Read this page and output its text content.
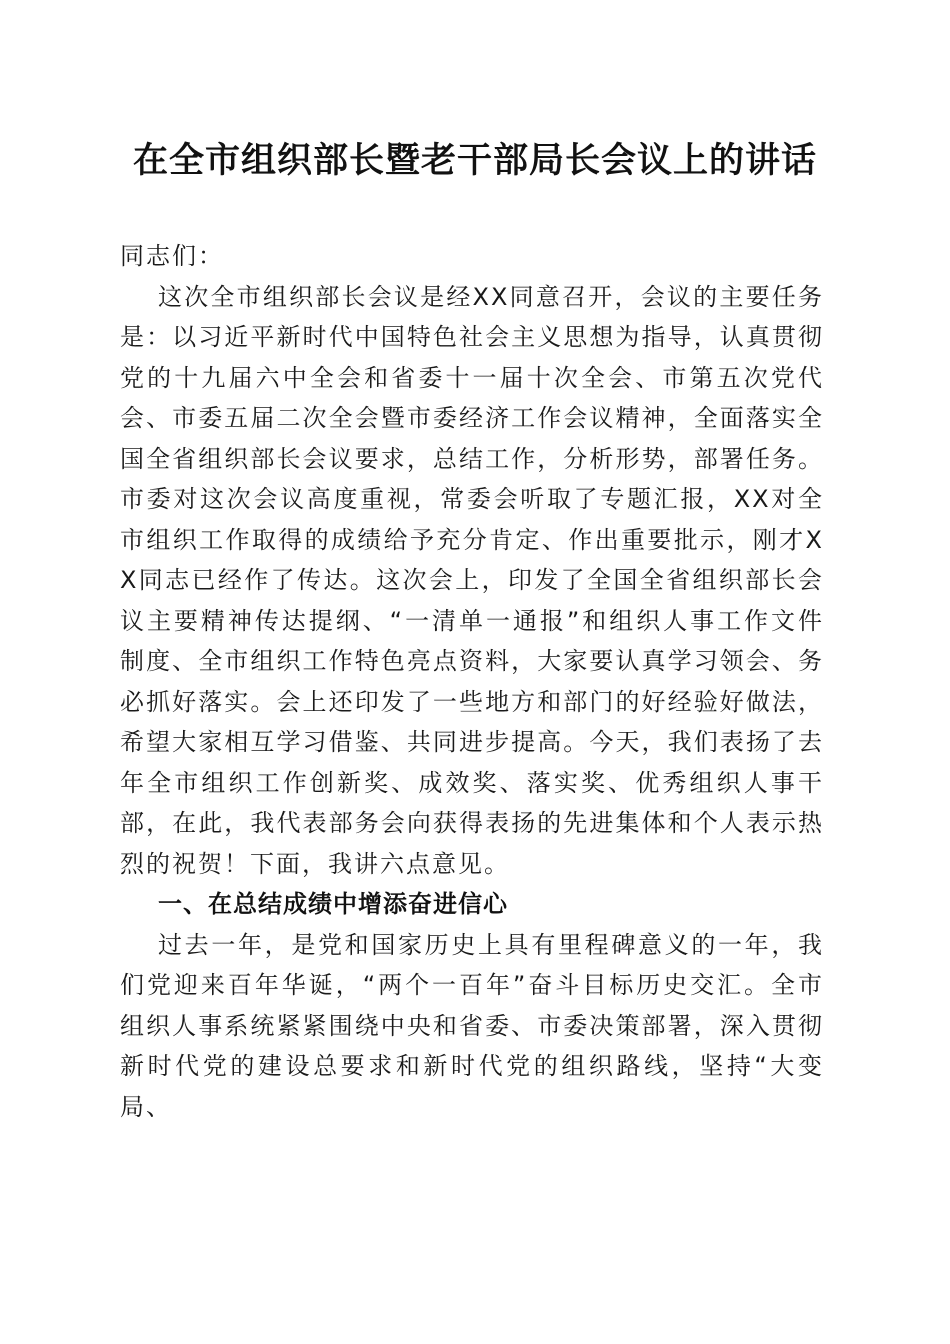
在全市组织部长暨老干部局长会议上的讲话

同志们：

这次全市组织部长会议是经XX同意召开，会议的主要任务是：以习近平新时代中国特色社会主义思想为指导，认真贯彻党的十九届六中全会和省委十一届十次全会、市第五次党代会、市委五届二次全会暨市委经济工作会议精神，全面落实全国全省组织部长会议要求，总结工作，分析形势，部署任务。市委对这次会议高度重视，常委会听取了专题汇报，XX对全市组织工作取得的成绩给予充分肯定、作出重要批示，刚才XX同志已经作了传达。这次会上，印发了全国全省组织部长会议主要精神传达提纲、“一清单一通报”和组织人事工作文件制度、全市组织工作特色亮点资料，大家要认真学习领会、务必抓好落实。会上还印发了一些地方和部门的好经验好做法，希望大家相互学习借鉴、共同进步提高。今天，我们表扬了去年全市组织工作创新奖、成效奖、落实奖、优秀组织人事干部，在此，我代表部务会向获得表扬的先进集体和个人表示热烈的祝贺！下面，我讲六点意见。

一、在总结成绩中增添奋进信心

过去一年，是党和国家历史上具有里程碑意义的一年，我们党迎来百年华诞，“两个一百年”奋斗目标历史交汇。全市组织人事系统紧紧围绕中央和省委、市委决策部署，深入贯彻新时代党的建设总要求和新时代党的组织路线，坚持“大变局、
